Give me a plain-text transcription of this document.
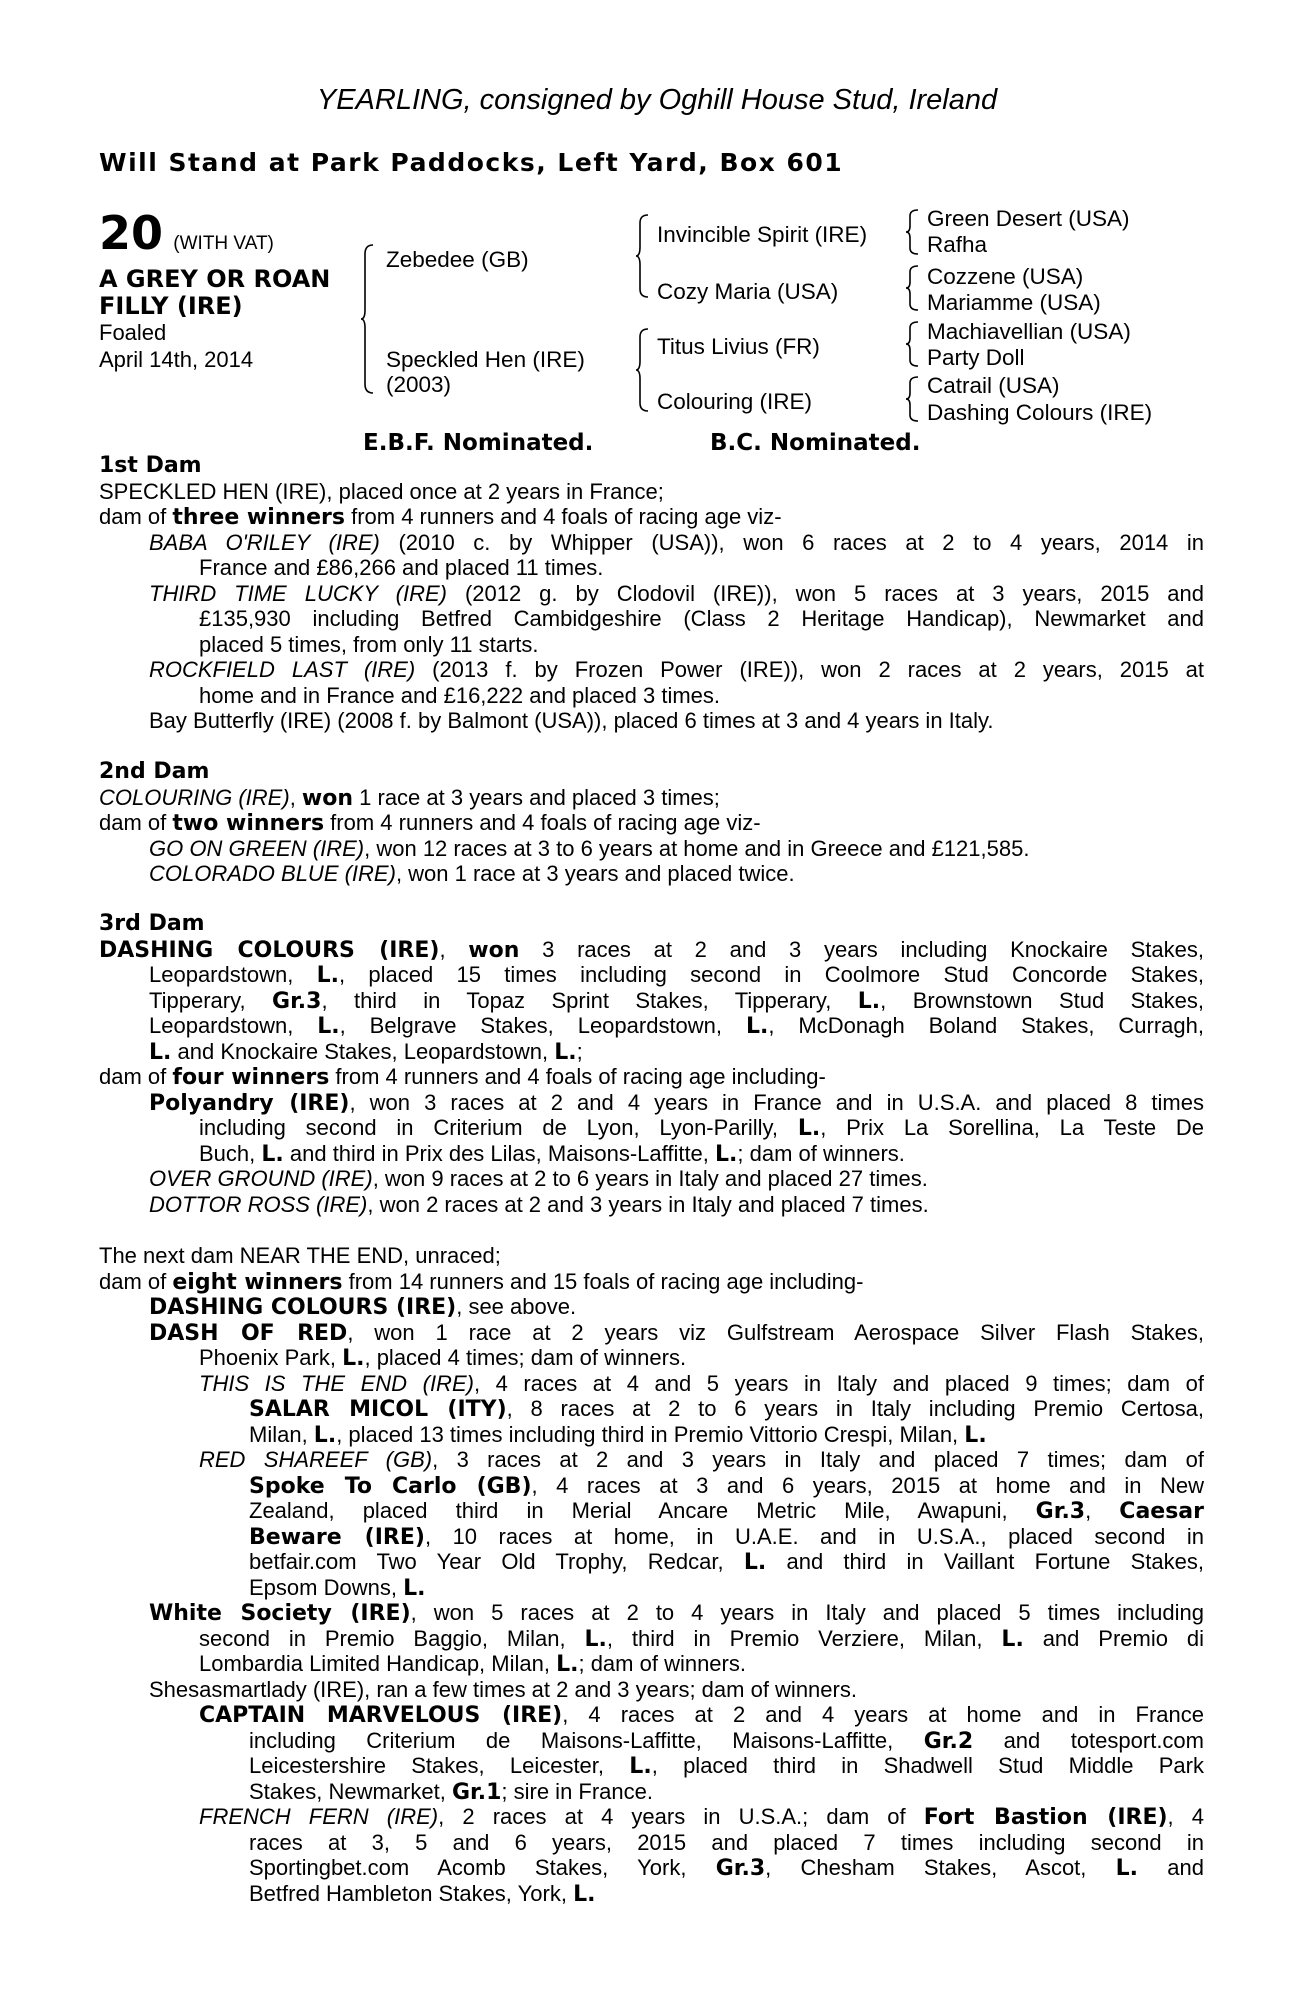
YEARLING, consigned by Oghill House Stud, Ireland
Will Stand at Park Paddocks, Left Yard, Box 601
20 (WITH VAT)
A GREY OR ROAN
FILLY (IRE)
Foaled
April 14th, 2014
Zebedee (GB)
Speckled Hen (IRE)
(2003)
Invincible Spirit (IRE)
Cozy Maria (USA)
Titus Livius (FR)
Colouring (IRE)
Green Desert (USA)
Rafha
Cozzene (USA)
Mariamme (USA)
Machiavellian (USA)
Party Doll
Catrail (USA)
Dashing Colours (IRE)
E.B.F. Nominated.	B.C. Nominated.
1st Dam
SPECKLED HEN (IRE), placed once at 2 years in France;
dam of three winners from 4 runners and 4 foals of racing age viz-
BABA O'RILEY (IRE) (2010 c. by Whipper (USA)), won 6 races at 2 to 4 years, 2014 in
France and £86,266 and placed 11 times.
THIRD TIME LUCKY (IRE) (2012 g. by Clodovil (IRE)), won 5 races at 3 years, 2015 and
£135,930 including Betfred Cambidgeshire (Class 2 Heritage Handicap), Newmarket and
placed 5 times, from only 11 starts.
ROCKFIELD LAST (IRE) (2013 f. by Frozen Power (IRE)), won 2 races at 2 years, 2015 at
home and in France and £16,222 and placed 3 times.
Bay Butterfly (IRE) (2008 f. by Balmont (USA)), placed 6 times at 3 and 4 years in Italy.
2nd Dam
COLOURING (IRE), won 1 race at 3 years and placed 3 times;
dam of two winners from 4 runners and 4 foals of racing age viz-
GO ON GREEN (IRE), won 12 races at 3 to 6 years at home and in Greece and £121,585.
COLORADO BLUE (IRE), won 1 race at 3 years and placed twice.
3rd Dam
DASHING COLOURS (IRE), won 3 races at 2 and 3 years including Knockaire Stakes,
Leopardstown, L., placed 15 times including second in Coolmore Stud Concorde Stakes,
Tipperary, Gr.3, third in Topaz Sprint Stakes, Tipperary, L., Brownstown Stud Stakes,
Leopardstown, L., Belgrave Stakes, Leopardstown, L., McDonagh Boland Stakes, Curragh,
L. and Knockaire Stakes, Leopardstown, L.;
dam of four winners from 4 runners and 4 foals of racing age including-
Polyandry (IRE), won 3 races at 2 and 4 years in France and in U.S.A. and placed 8 times
including second in Criterium de Lyon, Lyon-Parilly, L., Prix La Sorellina, La Teste De
Buch, L. and third in Prix des Lilas, Maisons-Laffitte, L.; dam of winners.
OVER GROUND (IRE), won 9 races at 2 to 6 years in Italy and placed 27 times.
DOTTOR ROSS (IRE), won 2 races at 2 and 3 years in Italy and placed 7 times.
The next dam NEAR THE END, unraced;
dam of eight winners from 14 runners and 15 foals of racing age including-
DASHING COLOURS (IRE), see above.
DASH OF RED, won 1 race at 2 years viz Gulfstream Aerospace Silver Flash Stakes,
Phoenix Park, L., placed 4 times; dam of winners.
THIS IS THE END (IRE), 4 races at 4 and 5 years in Italy and placed 9 times; dam of
SALAR MICOL (ITY), 8 races at 2 to 6 years in Italy including Premio Certosa,
Milan, L., placed 13 times including third in Premio Vittorio Crespi, Milan, L.
RED SHAREEF (GB), 3 races at 2 and 3 years in Italy and placed 7 times; dam of
Spoke To Carlo (GB), 4 races at 3 and 6 years, 2015 at home and in New
Zealand, placed third in Merial Ancare Metric Mile, Awapuni, Gr.3, Caesar
Beware (IRE), 10 races at home, in U.A.E. and in U.S.A., placed second in
betfair.com Two Year Old Trophy, Redcar, L. and third in Vaillant Fortune Stakes,
Epsom Downs, L.
White Society (IRE), won 5 races at 2 to 4 years in Italy and placed 5 times including
second in Premio Baggio, Milan, L., third in Premio Verziere, Milan, L. and Premio di
Lombardia Limited Handicap, Milan, L.; dam of winners.
Shesasmartlady (IRE), ran a few times at 2 and 3 years; dam of winners.
CAPTAIN MARVELOUS (IRE), 4 races at 2 and 4 years at home and in France
including Criterium de Maisons-Laffitte, Maisons-Laffitte, Gr.2 and totesport.com
Leicestershire Stakes, Leicester, L., placed third in Shadwell Stud Middle Park
Stakes, Newmarket, Gr.1; sire in France.
FRENCH FERN (IRE), 2 races at 4 years in U.S.A.; dam of Fort Bastion (IRE), 4
races at 3, 5 and 6 years, 2015 and placed 7 times including second in
Sportingbet.com Acomb Stakes, York, Gr.3, Chesham Stakes, Ascot, L. and
Betfred Hambleton Stakes, York, L.
